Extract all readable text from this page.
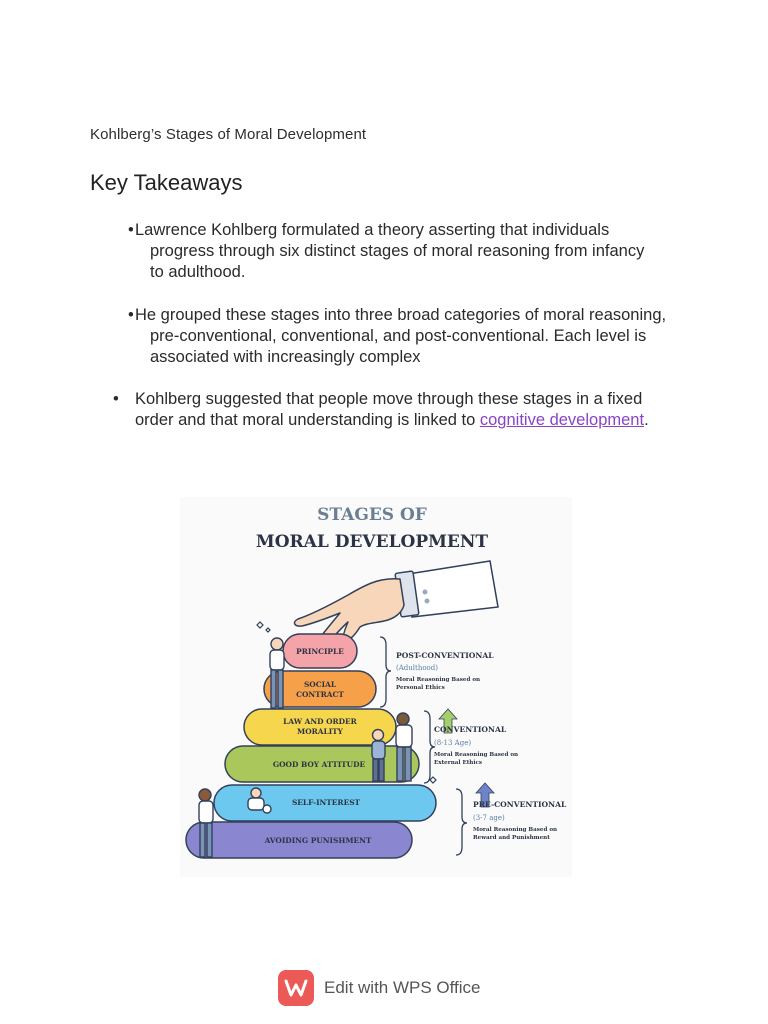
Kohlberg’s Stages of Moral Development
Key Takeaways
• Lawrence Kohlberg formulated a theory asserting that individuals
progress through six distinct stages of moral reasoning from infancy
to adulthood.
• He grouped these stages into three broad categories of moral reasoning,
pre-conventional, conventional, and post-conventional. Each level is
associated with increasingly complex
• Kohlberg suggested that people move through these stages in a fixed
order and that moral understanding is linked to cognitive development.
STAGES OF
MORAL DEVELOPMENT
PRINCIPLE
SOCIAL
CONTRACT
LAW AND ORDER
MORALITY
GOOD BOY ATTITUDE
SELF-INTEREST
AVOIDING PUNISHMENT
POST-CONVENTIONAL
(Adulthood)
Moral Reasoning Based on
Personal Ethics
CONVENTIONAL
(8-13 Age)
Moral Reasoning Based on
External Ethics
PRE-CONVENTIONAL
(3-7 age)
Moral Reasoning Based on
Reward and Punishment
Edit with WPS Office
